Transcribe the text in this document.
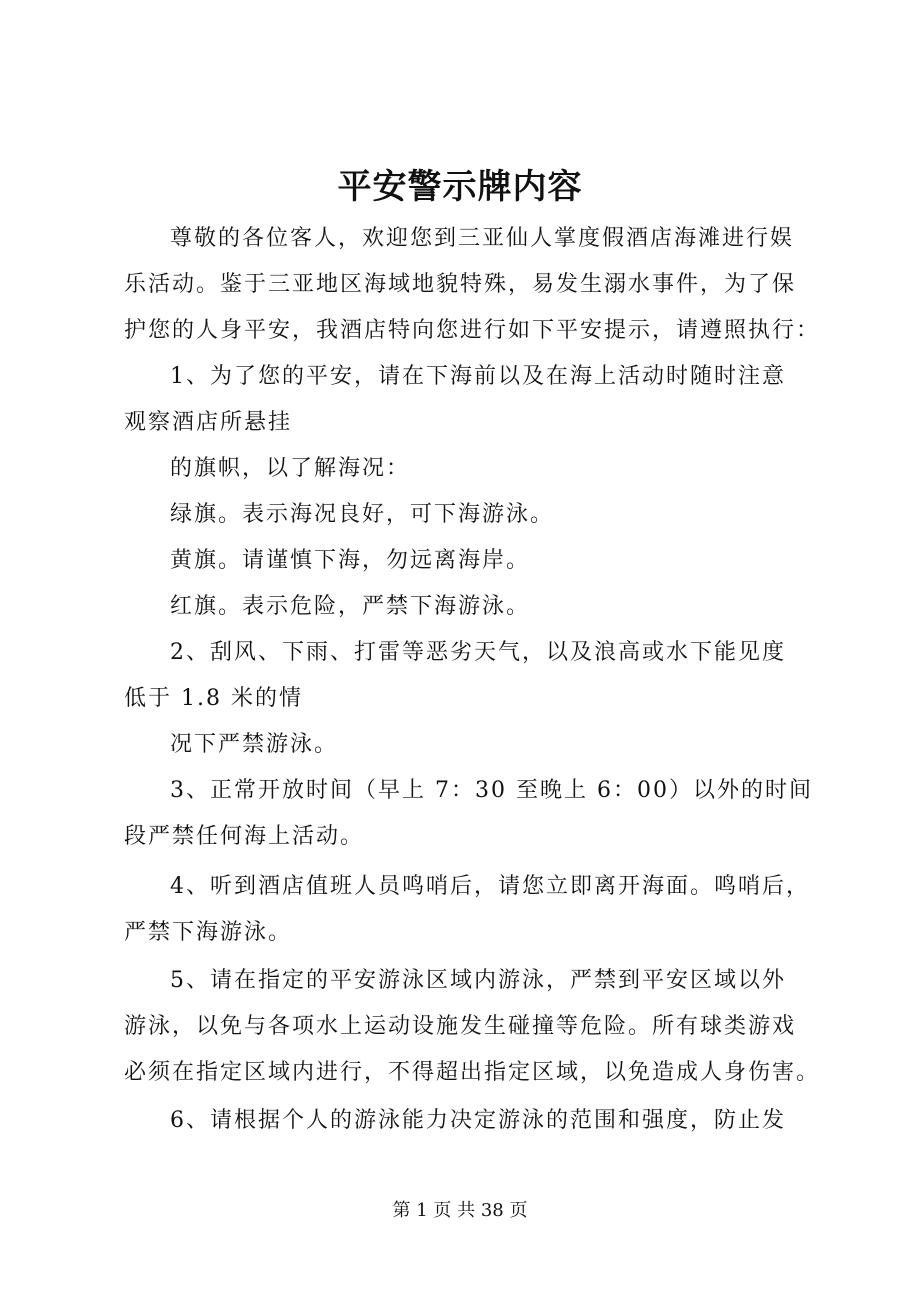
平安警示牌内容
尊敬的各位客人，欢迎您到三亚仙人掌度假酒店海滩进行娱
乐活动。鉴于三亚地区海域地貌特殊，易发生溺水事件，为了保
护您的人身平安，我酒店特向您进行如下平安提示，请遵照执行：
1、为了您的平安，请在下海前以及在海上活动时随时注意
观察酒店所悬挂
的旗帜，以了解海况：
绿旗。表示海况良好，可下海游泳。
黄旗。请谨慎下海，勿远离海岸。
红旗。表示危险，严禁下海游泳。
2、刮风、下雨、打雷等恶劣天气，以及浪高或水下能见度
低于 1.8 米的情
况下严禁游泳。
3、正常开放时间（早上 7：30 至晚上 6：00）以外的时间
段严禁任何海上活动。
4、听到酒店值班人员鸣哨后，请您立即离开海面。鸣哨后，
严禁下海游泳。
5、请在指定的平安游泳区域内游泳，严禁到平安区域以外
游泳，以免与各项水上运动设施发生碰撞等危险。所有球类游戏
必须在指定区域内进行，不得超出指定区域，以免造成人身伤害。
6、请根据个人的游泳能力决定游泳的范围和强度，防止发
第 1 页 共 38 页
